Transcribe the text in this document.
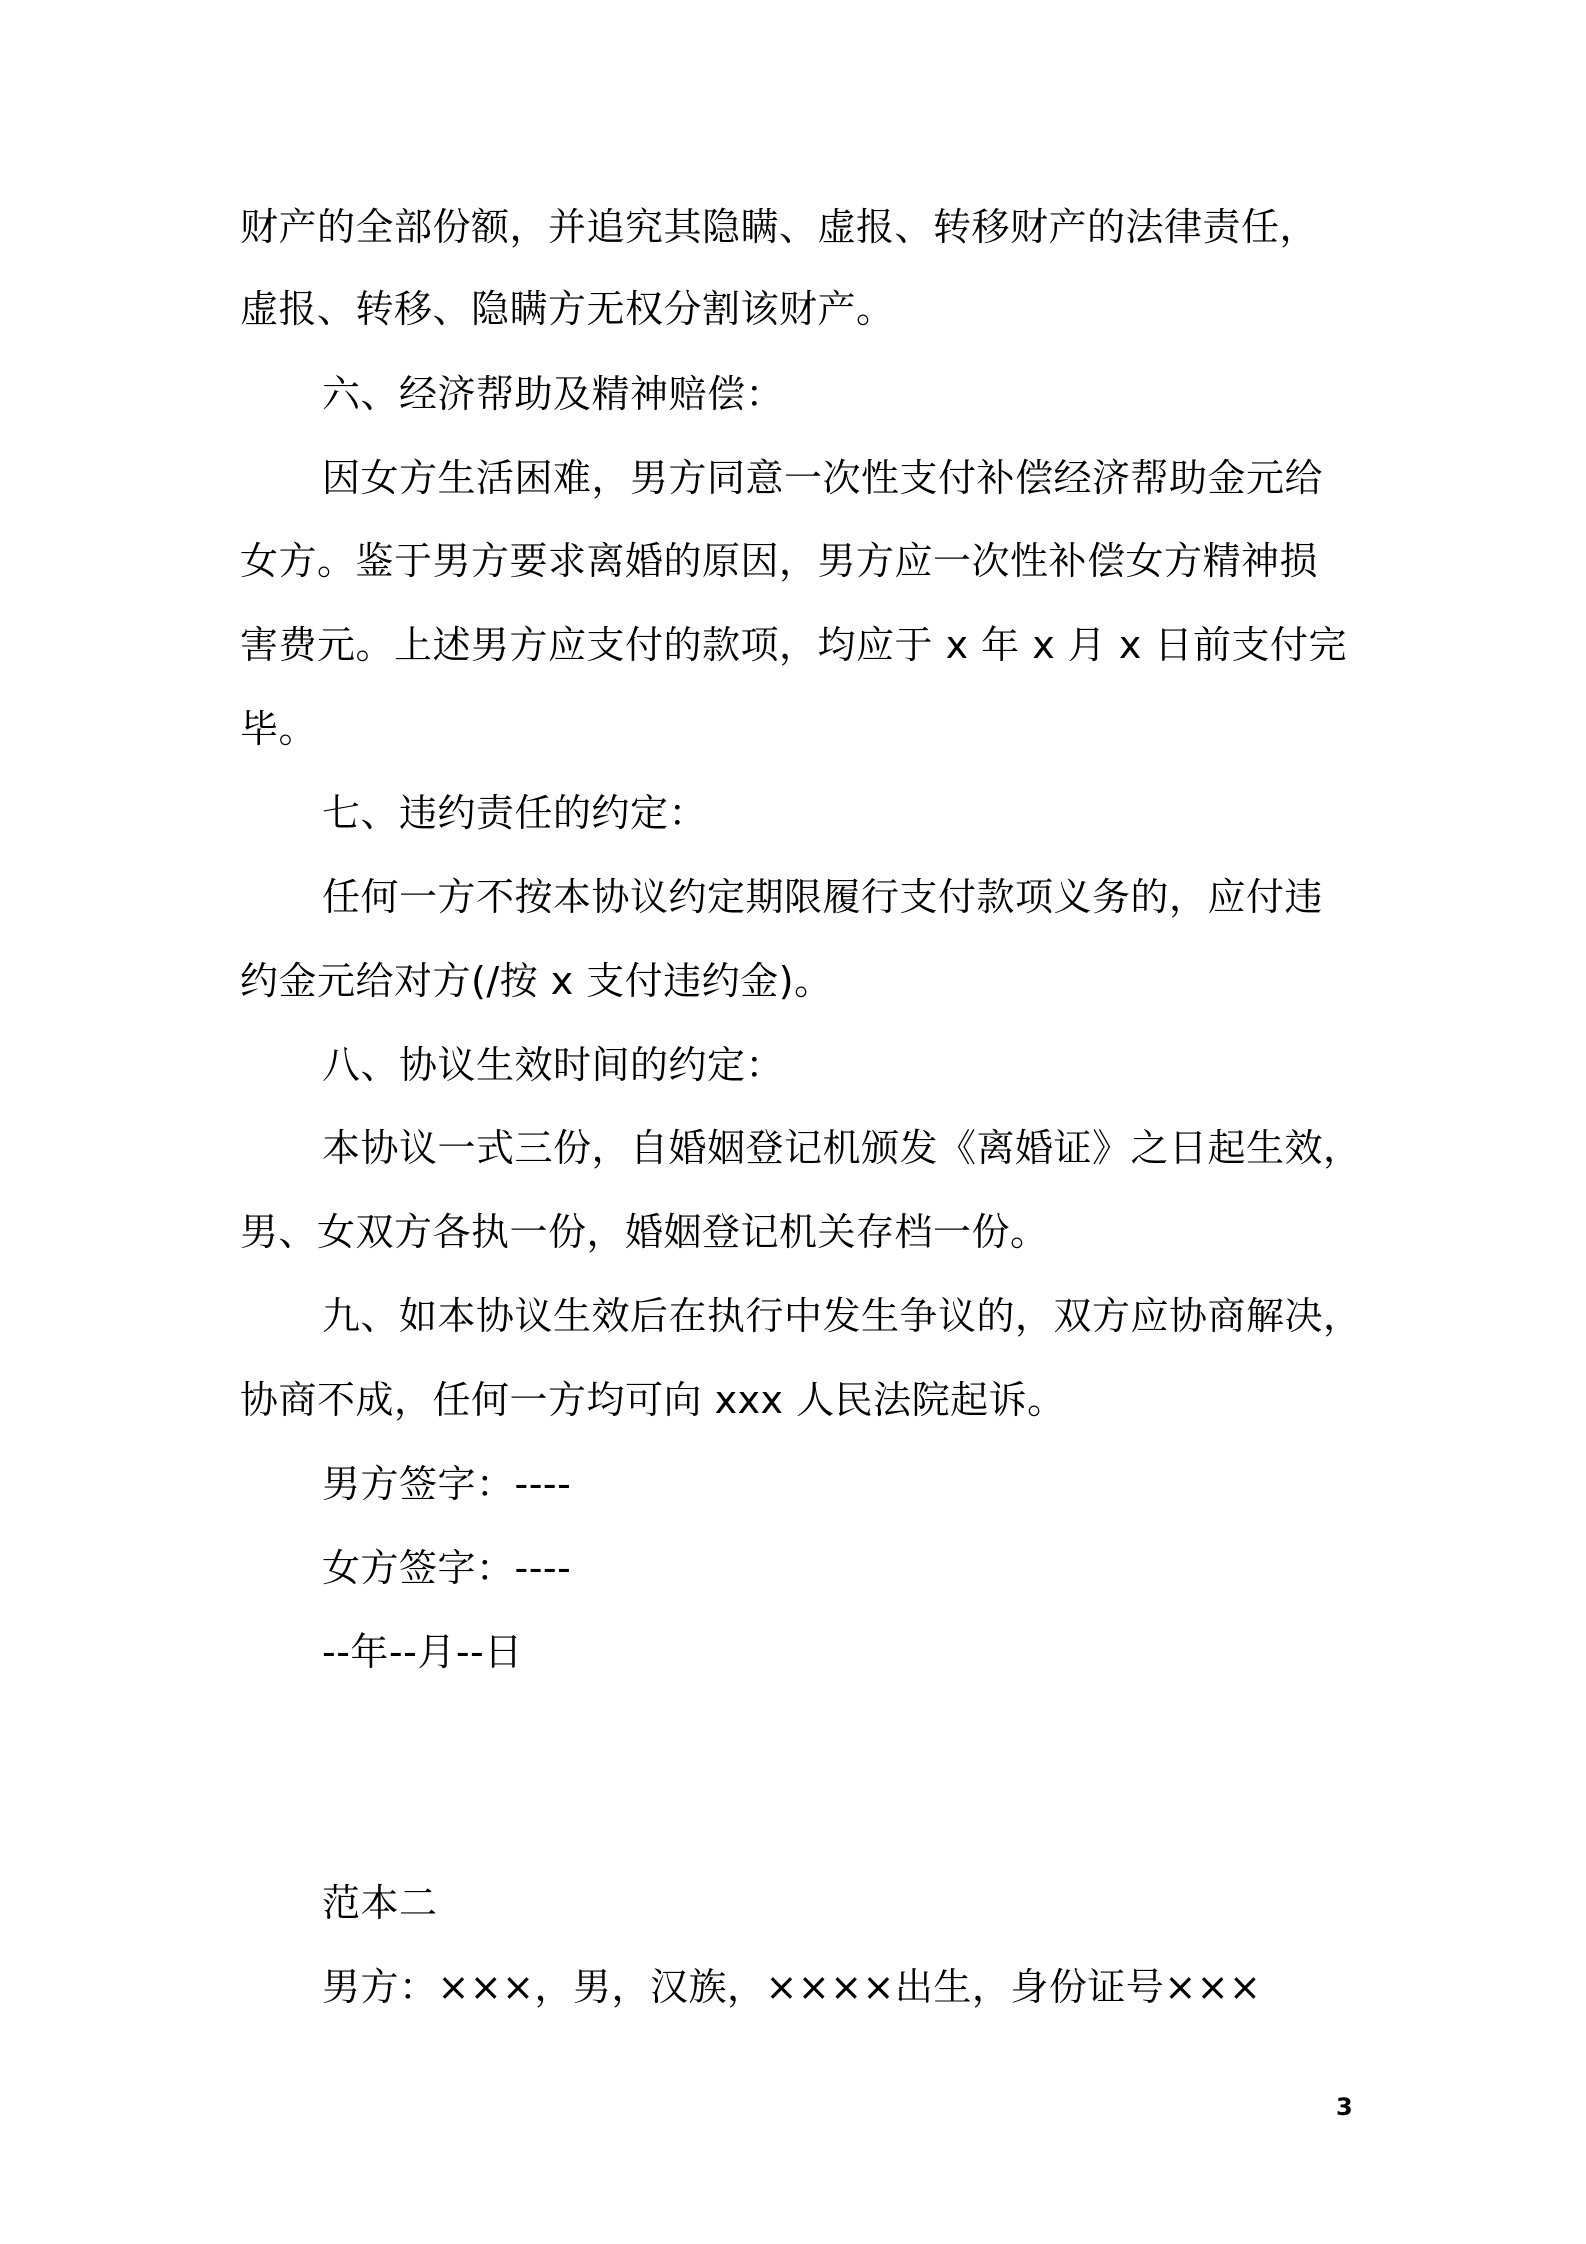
财产的全部份额，并追究其隐瞒、虚报、转移财产的法律责任，
虚报、转移、隐瞒方无权分割该财产。
六、经济帮助及精神赔偿：
因女方生活困难，男方同意一次性支付补偿经济帮助金元给
女方。鉴于男方要求离婚的原因，男方应一次性补偿女方精神损
害费元。上述男方应支付的款项，均应于 x 年 x 月 x 日前支付完
毕。
七、违约责任的约定：
任何一方不按本协议约定期限履行支付款项义务的，应付违
约金元给对方(/按 x 支付违约金)。
八、协议生效时间的约定：
本协议一式三份，自婚姻登记机颁发《离婚证》之日起生效，
男、女双方各执一份，婚姻登记机关存档一份。
九、如本协议生效后在执行中发生争议的，双方应协商解决，
协商不成，任何一方均可向 xxx 人民法院起诉。
男方签字：----
女方签字：----
--年--月--日
范本二
男方：×××，男，汉族，××××出生，身份证号×××
3
